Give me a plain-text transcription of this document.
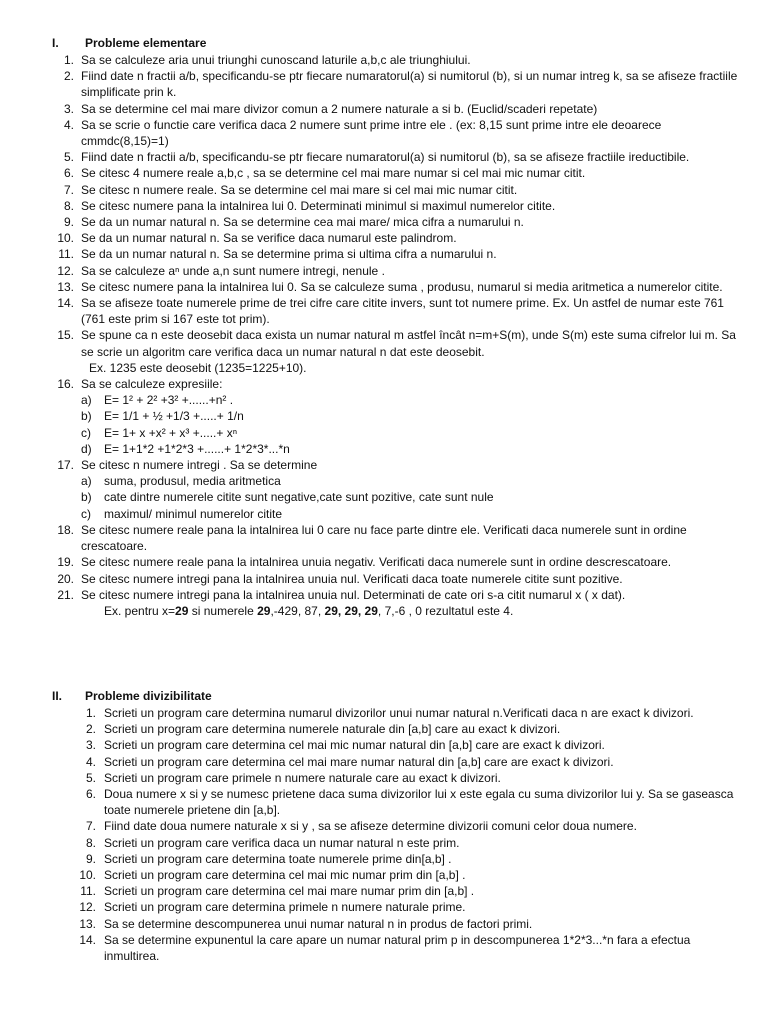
I. Probleme elementare
1. Sa se calculeze aria unui triunghi cunoscand laturile a,b,c ale triunghiului.
2. Fiind date n fractii a/b, specificandu-se ptr fiecare numaratorul(a) si numitorul (b), si un numar intreg k, sa se afiseze fractiile simplificate prin k.
3. Sa se determine cel mai mare divizor comun a 2 numere naturale a si b. (Euclid/scaderi repetate)
4. Sa se scrie o functie care verifica daca 2 numere sunt prime intre ele . (ex: 8,15 sunt prime intre ele deoarece cmmdc(8,15)=1)
5. Fiind date n fractii a/b, specificandu-se ptr fiecare numaratorul(a) si numitorul (b), sa se afiseze fractiile ireductibile.
6. Se citesc 4 numere reale a,b,c , sa se determine cel mai mare numar si cel mai mic numar citit.
7. Se citesc n numere reale. Sa se determine cel mai mare si cel mai mic numar citit.
8. Se citesc numere pana la intalnirea lui 0. Determinati minimul si maximul numerelor citite.
9. Se da un numar natural n. Sa se determine cea mai mare/ mica cifra a numarului n.
10. Se da un numar natural n. Sa se verifice daca numarul este palindrom.
11. Se da un numar natural n. Sa se determine prima si ultima cifra a numarului n.
12. Sa se calculeze aⁿ unde a,n sunt numere intregi, nenule .
13. Se citesc numere pana la intalnirea lui 0. Sa se calculeze suma , produsu, numarul si media aritmetica a numerelor citite.
14. Sa se afiseze toate numerele prime de trei cifre care citite invers, sunt tot numere prime. Ex. Un astfel de numar este 761 (761 este prim si 167 este tot prim).
15. Se spune ca n este deosebit daca exista un numar natural m astfel încât n=m+S(m), unde S(m) este suma cifrelor lui m. Sa se scrie un algoritm care verifica daca un numar natural n dat este deosebit.
Ex. 1235 este deosebit (1235=1225+10).
16. Sa se calculeze expresiile:
a) E= 1² + 2² +3² +......+n² .
b) E= 1/1 + ½ +1/3 +.....+ 1/n
c) E= 1+ x +x² + x³ +.....+ xⁿ
d) E= 1+1*2 +1*2*3 +......+ 1*2*3*...*n
17. Se citesc n numere intregi . Sa se determine
a) suma, produsul, media aritmetica
b) cate dintre numerele citite sunt negative,cate sunt pozitive, cate sunt nule
c) maximul/ minimul numerelor citite
18. Se citesc numere reale pana la intalnirea lui 0 care nu face parte dintre ele. Verificati daca numerele sunt in ordine crescatoare.
19. Se citesc numere reale pana la intalnirea unuia negativ. Verificati daca numerele sunt in ordine descrescatoare.
20. Se citesc numere intregi pana la intalnirea unuia nul. Verificati daca toate numerele citite sunt pozitive.
21. Se citesc numere intregi pana la intalnirea unuia nul. Determinati de cate ori s-a citit numarul x ( x dat).
Ex. pentru x=29 si numerele 29,-429, 87, 29, 29, 29, 7,-6 , 0 rezultatul este 4.
II. Probleme divizibilitate
1. Scrieti un program care determina numarul divizorilor unui numar natural n.Verificati daca n are exact k divizori.
2. Scrieti un program care determina numerele naturale din [a,b] care au exact k divizori.
3. Scrieti un program care determina cel mai mic numar natural din [a,b] care are exact k divizori.
4. Scrieti un program care determina cel mai mare numar natural din [a,b] care are exact k divizori.
5. Scrieti un program care primele n numere naturale care au exact k divizori.
6. Doua numere x si y se numesc prietene daca suma divizorilor lui x este egala cu suma divizorilor lui y. Sa se gaseasca toate numerele prietene din [a,b].
7. Fiind date doua numere naturale x si y , sa se afiseze determine divizorii comuni celor doua numere.
8. Scrieti un program care verifica daca un numar natural n este prim.
9. Scrieti un program care determina toate numerele prime din[a,b] .
10. Scrieti un program care determina cel mai mic numar prim din [a,b] .
11. Scrieti un program care determina cel mai mare numar prim din [a,b] .
12. Scrieti un program care determina primele n numere naturale prime.
13. Sa se determine descompunerea unui numar natural n in produs de factori primi.
14. Sa se determine expunentul la care apare un numar natural prim p in descompunerea 1*2*3...*n fara a efectua inmultirea.
